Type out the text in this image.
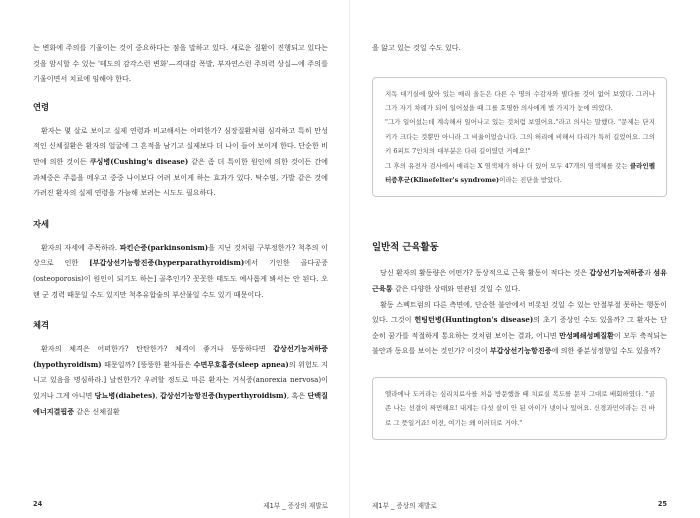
는 변화에 주의를 기울이는 것이 중요하다는 점을 말하고 있다. 새로운 질환이 진행되고 있다는 것을 암시할 수 있는 '테도의 감각스런 변화'—격대감 폭발, 부자연스런 주의력 상실—에 주의를 기울이면서 치료에 임해야 한다.

연령

환자는 몇 살로 보이고 실제 연령과 비교해서는 어떠한가? 심장질환처럼 심각하고 특히 만성적인 신체질환은 환자의 얼굴에 그 흔적을 남기고 실제보다 더 나이 들어 보이게 한다. 단순한 비만에 의한 것이든 쿠싱병(Cushing's disease) 같은 좀 더 특이한 원인에 의한 것이든 간에 과체중은 주름을 메우고 중중 나이보다 어려 보이게 하는 효과가 있다. 탁수염, 가발 같은 것에 가려진 환자의 실제 연령을 가늠해 보려는 시도도 필요하다.

자세

환자의 자세에 주목하라. 파킨슨증(parkinsonism)을 지닌 것처럼 구부정한가? 척추의 이상으로 인한 [부갑상선기능항진증(hyperparathyroidism)에서 기인한 골다공증(osteoporosis)이 원인이 되기도 하는] 골추인가? 꼿꼿한 태도도 예사롭게 봐서는 안 된다. 오랜 군 경력 때문일 수도 있지만 척추유합술의 부산물일 수도 있기 때문이다.

체격

환자의 체격은 어떠한가? 탄탄한가? 체격이 좋거나 뚱뚱하다면 갑상선기능저하증(hypothyroidism) 때문일까? [뚱뚱한 환자들은 수면무호흡증(sleep apnea)의 위험도 지니고 있음을 명심하라.] 날씬한가? 우려할 정도로 마른 환자는 거식증(anorexia nervosa)이 있거나 그게 아니면 당뇨병(diabetes), 갑상선기능항진증(hyperthyroidism), 혹은 단백질에너지결핍증 같은 신체질환

24	제1부 _ 증상의 재발로

을 앓고 있는 것일 수도 있다.

지독 대기실에 앉아 있는 매리 올든은 다른 수 명의 수감자와 별다를 것이 없어 보였다. 그러나 그가 자기 차례가 되어 일어섰을 때 그를 호명한 의사에게 벌 가지가 눈에 띄었다.

"그가 일어섰는데 계속해서 일어나고 있는 것처럼 보였어요."라고 의사는 말했다. "문제는 단지 키가 크다는 것뿐만 아니라 그 비율이었습니다. 그의 허리에 비해서 다리가 특히 길었어요. 그의 키 6피트 7인치의 대부분은 다리 길이였던 거예요!"

그 후의 유전자 검사에서 매리는 X 염색체가 하나 더 있어 모두 47개의 염색체를 갖는 클라인펠터증후군(Klinefelter's syndrome)이라는 진단을 받았다.

일반적 근육활동

당신 환자의 활동량은 어떤가? 동상적으로 근육 활동이 적다는 것은 갑상선기능저하증과 섬유근육통 같은 다양한 상태와 연관된 것일 수 있다.

활동 스펙트럼의 다른 측면에, 단순한 불안에서 비롯된 것일 수 있는 안절부절 못하는 행동이 있다. 그것이 헌팅턴병(Huntington's disease)의 초기 증상인 수도 있을까? 그 환자는 단순히 꿈가를 적절하게 통요하는 것처럼 보이는 결과, 어니면 만성폐쇄성폐질환이 모두 축적되는 불안과 동요를 보이는 것인가? 이것이 부갑상선기능항진증에 의한 좋분성정향일 수도 있을까?

엘라에나 도커라는 심리치료사를 처음 방문했을 때 치료실 복도를 문자 그대로 배회하였다. "골존 나는 선결이 짜먼해요! 내게는 다섯 살이 안 된 아이가 넷이나 있어요. 신경과민이라는 건 바로 그 뜻일거죠! 이전, 여기는 왜 이러더로 거야."

제1부 _ 증상의 재발로	25
